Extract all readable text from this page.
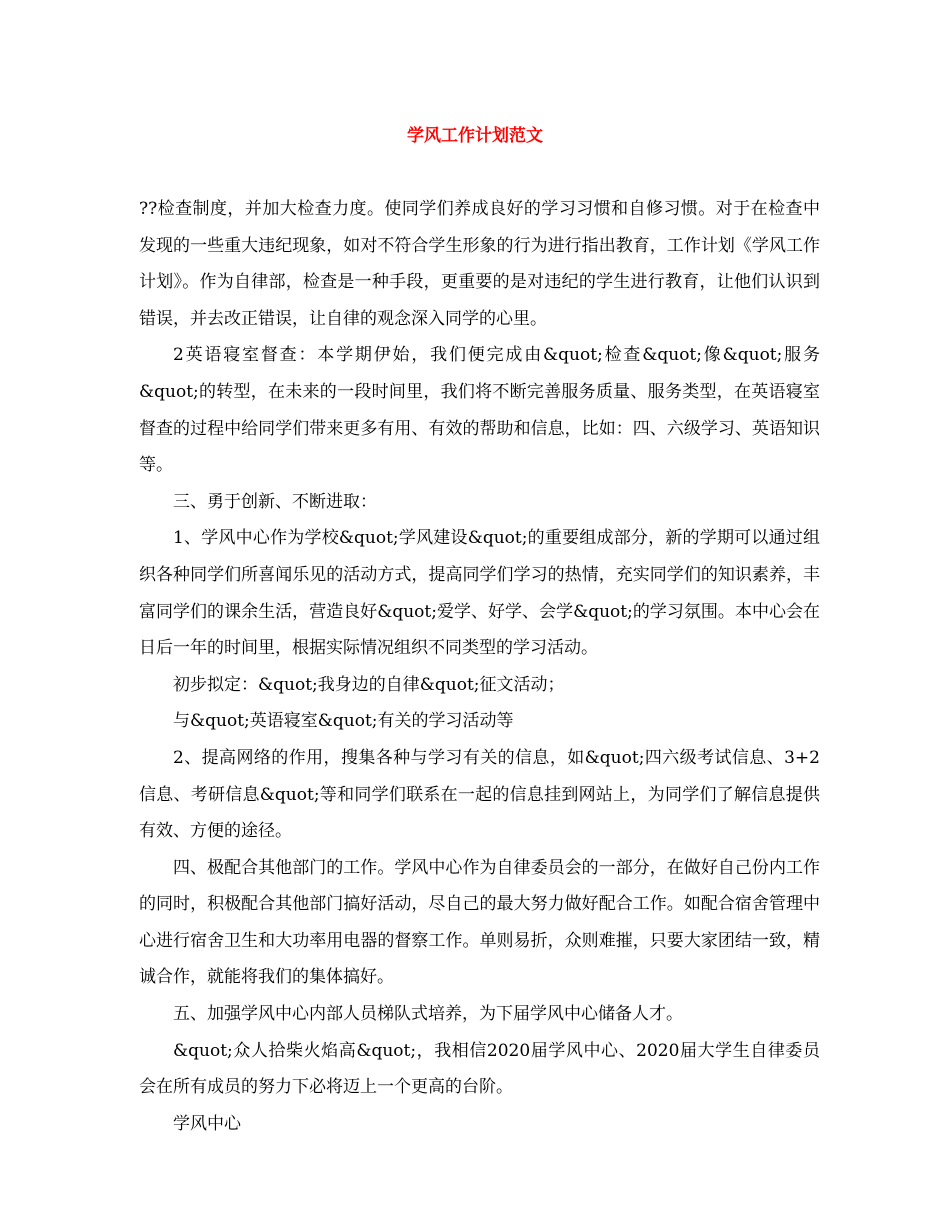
学风工作计划范文

??检查制度，并加大检查力度。使同学们养成良好的学习习惯和自修习惯。对于在检查中发现的一些重大违纪现象，如对不符合学生形象的行为进行指出教育，工作计划《学风工作计划》。作为自律部，检查是一种手段，更重要的是对违纪的学生进行教育，让他们认识到错误，并去改正错误，让自律的观念深入同学的心里。

2英语寝室督查：本学期伊始，我们便完成由&quot;检查&quot;像&quot;服务&quot;的转型，在未来的一段时间里，我们将不断完善服务质量、服务类型，在英语寝室督查的过程中给同学们带来更多有用、有效的帮助和信息，比如：四、六级学习、英语知识等。

三、勇于创新、不断进取：

1、学风中心作为学校&quot;学风建设&quot;的重要组成部分，新的学期可以通过组织各种同学们所喜闻乐见的活动方式，提高同学们学习的热情，充实同学们的知识素养，丰富同学们的课余生活，营造良好&quot;爱学、好学、会学&quot;的学习氛围。本中心会在日后一年的时间里，根据实际情况组织不同类型的学习活动。

初步拟定：&quot;我身边的自律&quot;征文活动；

与&quot;英语寝室&quot;有关的学习活动等

2、提高网络的作用，搜集各种与学习有关的信息，如&quot;四六级考试信息、3+2信息、考研信息&quot;等和同学们联系在一起的信息挂到网站上，为同学们了解信息提供有效、方便的途径。

四、极配合其他部门的工作。学风中心作为自律委员会的一部分，在做好自己份内工作的同时，积极配合其他部门搞好活动，尽自己的最大努力做好配合工作。如配合宿舍管理中心进行宿舍卫生和大功率用电器的督察工作。单则易折，众则难摧，只要大家团结一致，精诚合作，就能将我们的集体搞好。

五、加强学风中心内部人员梯队式培养，为下届学风中心储备人才。

&quot;众人拾柴火焰高&quot;，我相信2020届学风中心、2020届大学生自律委员会在所有成员的努力下必将迈上一个更高的台阶。

学风中心
